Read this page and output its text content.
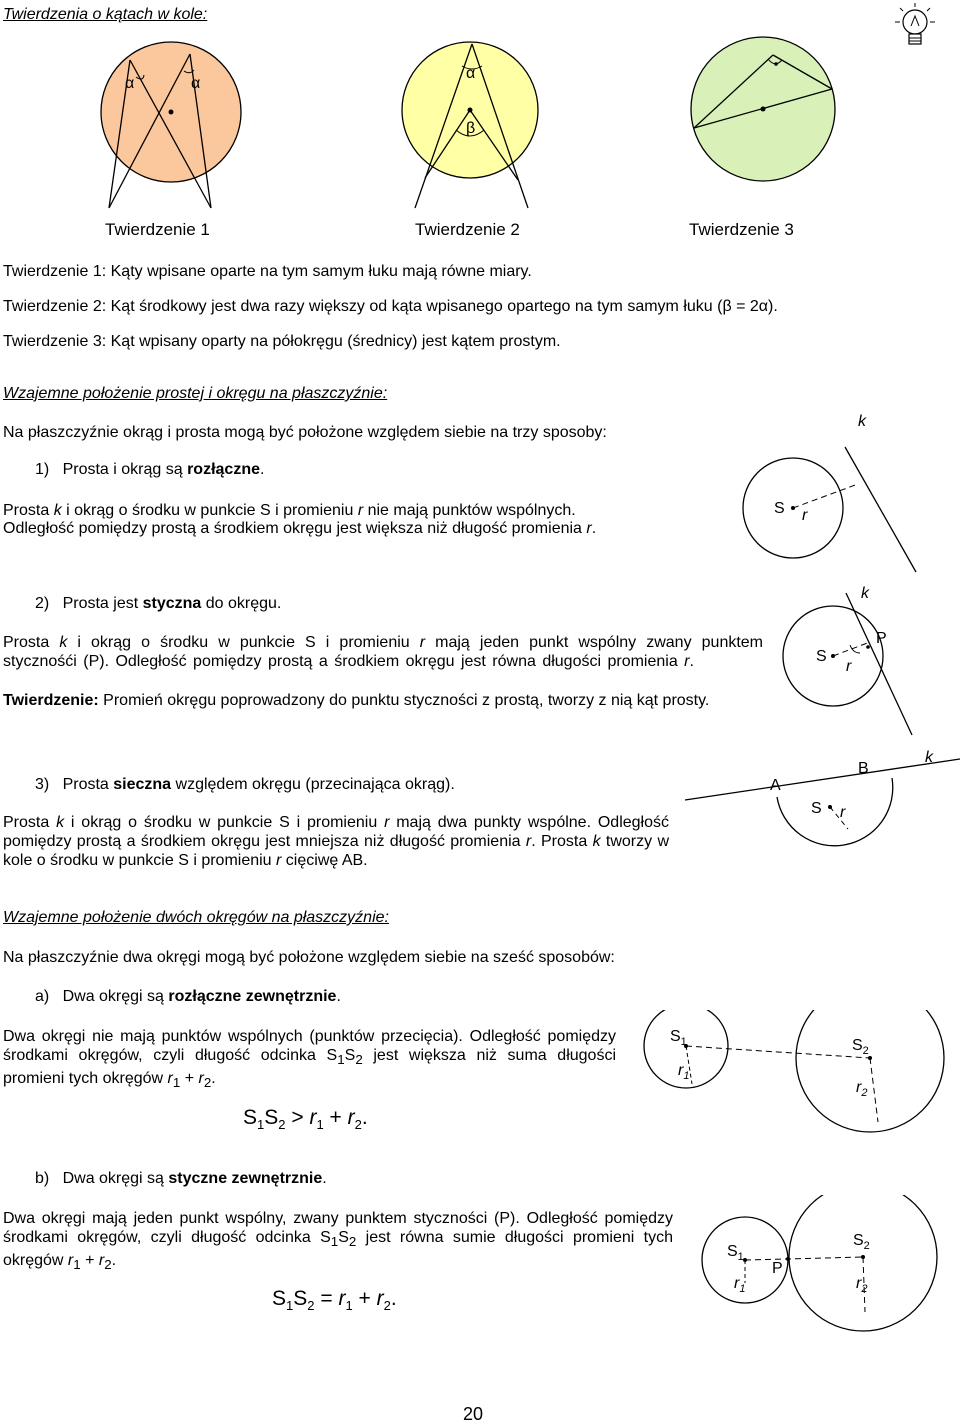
Twierdzenia o kątach w kole:
α	α
α
β
Twierdzenie 1	Twierdzenie 2	Twierdzenie 3
Twierdzenie 1: Kąty wpisane oparte na tym samym łuku mają równe miary.
Twierdzenie 2: Kąt środkowy jest dwa razy większy od kąta wpisanego opartego na tym samym łuku (β = 2α).
Twierdzenie 3: Kąt wpisany oparty na półokręgu (średnicy) jest kątem prostym.
Wzajemne położenie prostej i okręgu na płaszczyźnie:
Na płaszczyźnie okrąg i prosta mogą być położone względem siebie na trzy sposoby:
1) Prosta i okrąg są rozłączne.
Prosta k i okrąg o środku w punkcie S i promieniu r nie mają punktów wspólnych.
Odległość pomiędzy prostą a środkiem okręgu jest większa niż długość promienia r.
S r
k
2) Prosta jest styczna do okręgu.
Prosta k i okrąg o środku w punkcie S i promieniu r mają jeden punkt wspólny zwany punktem stycznośći (P). Odległość pomiędzy prostą a środkiem okręgu jest równa długości promienia r.
Twierdzenie: Promień okręgu poprowadzony do punktu styczności z prostą, tworzy z nią kąt prosty.
S
r
P
k
3) Prosta sieczna względem okręgu (przecinająca okrąg).
Prosta k i okrąg o środku w punkcie S i promieniu r mają dwa punkty wspólne. Odległość pomiędzy prostą a środkiem okręgu jest mniejsza niż długość promienia r. Prosta k tworzy w kole o środku w punkcie S i promieniu r cięciwę AB.
A
B
S r
k
Wzajemne położenie dwóch okręgów na płaszczyźnie:
Na płaszczyźnie dwa okręgi mogą być położone względem siebie na sześć sposobów:
a) Dwa okręgi są rozłączne zewnętrznie.
Dwa okręgi nie mają punktów wspólnych (punktów przecięcia). Odległość pomiędzy środkami okręgów, czyli długość odcinka $S_1S_2$ jest większa niż suma długości promieni tych okręgów $r_1 + r_2$.
$S_1S_2 > r_1 + r_2$.
$S_1$	$S_2$
$r_1$
$r_2$
b) Dwa okręgi są styczne zewnętrznie.
Dwa okręgi mają jeden punkt wspólny, zwany punktem styczności (P). Odległość pomiędzy środkami okręgów, czyli długość odcinka $S_1S_2$ jest równa sumie długości promieni tych okręgów $r_1 + r_2$.
$S_1S_2 = r_1 + r_2$.
$S_1$
$S_2$
P
$r_1$	$r_2$
20
